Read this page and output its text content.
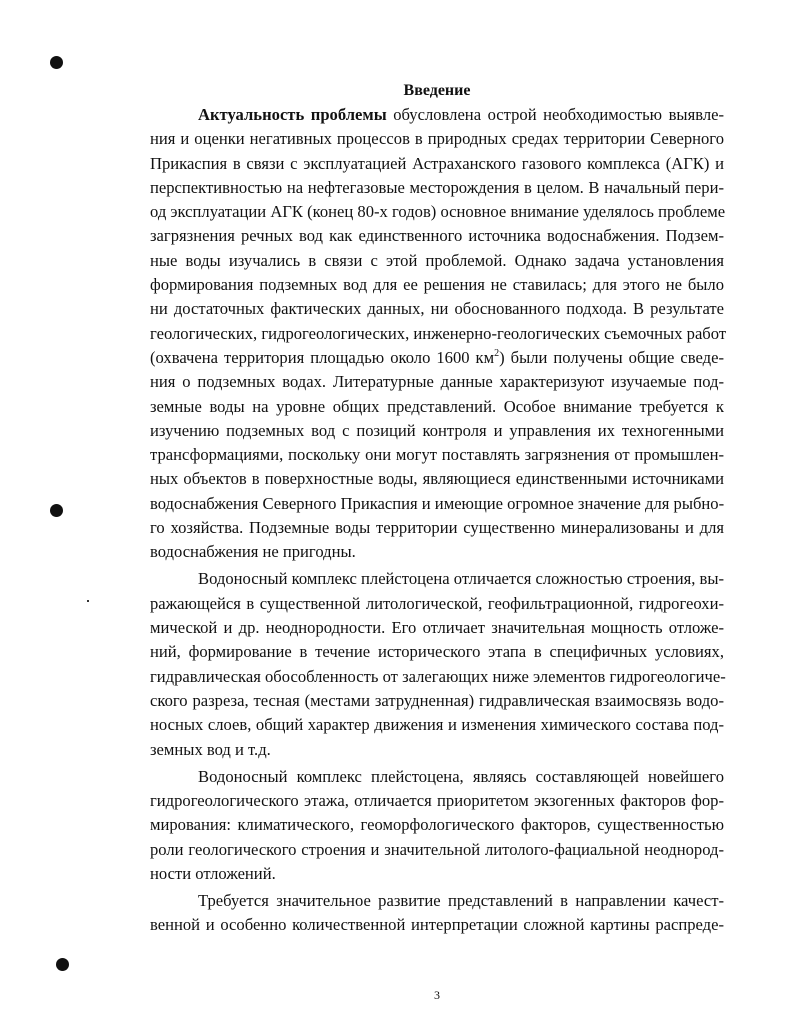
Введение

Актуальность проблемы обусловлена острой необходимостью выявле-
ния и оценки негативных процессов в природных средах территории Северного
Прикаспия в связи с эксплуатацией Астраханского газового комплекса (АГК) и
перспективностью на нефтегазовые месторождения в целом. В начальный пери-
од эксплуатации АГК (конец 80-х годов) основное внимание уделялось проблеме
загрязнения речных вод как единственного источника водоснабжения. Подзем-
ные воды изучались в связи с этой проблемой. Однако задача установления
формирования подземных вод для ее решения не ставилась; для этого не было
ни достаточных фактических данных, ни обоснованного подхода. В результате
геологических, гидрогеологических, инженерно-геологических съемочных работ
(охвачена территория площадью около 1600 $км^2$) были получены общие сведе-
ния о подземных водах. Литературные данные характеризуют изучаемые под-
земные воды на уровне общих представлений. Особое внимание требуется к
изучению подземных вод с позиций контроля и управления их техногенными
трансформациями, поскольку они могут поставлять загрязнения от промышлен-
ных объектов в поверхностные воды, являющиеся единственными источниками
водоснабжения Северного Прикаспия и имеющие огромное значение для рыбно-
го хозяйства. Подземные воды территории существенно минерализованы и для
водоснабжения не пригодны.

Водоносный комплекс плейстоцена отличается сложностью строения, вы-
ражающейся в существенной литологической, геофильтрационной, гидрогеохи-
мической и др. неоднородности. Его отличает значительная мощность отложе-
ний, формирование в течение исторического этапа в специфичных условиях,
гидравлическая обособленность от залегающих ниже элементов гидрогеологиче-
ского разреза, тесная (местами затрудненная) гидравлическая взаимосвязь водо-
носных слоев, общий характер движения и изменения химического состава под-
земных вод и т.д.

Водоносный комплекс плейстоцена, являясь составляющей новейшего
гидрогеологического этажа, отличается приоритетом экзогенных факторов фор-
мирования: климатического, геоморфологического факторов, существенностью
роли геологического строения и значительной литолого-фациальной неоднород-
ности отложений.

Требуется значительное развитие представлений в направлении качест-
венной и особенно количественной интерпретации сложной картины распреде-

3
